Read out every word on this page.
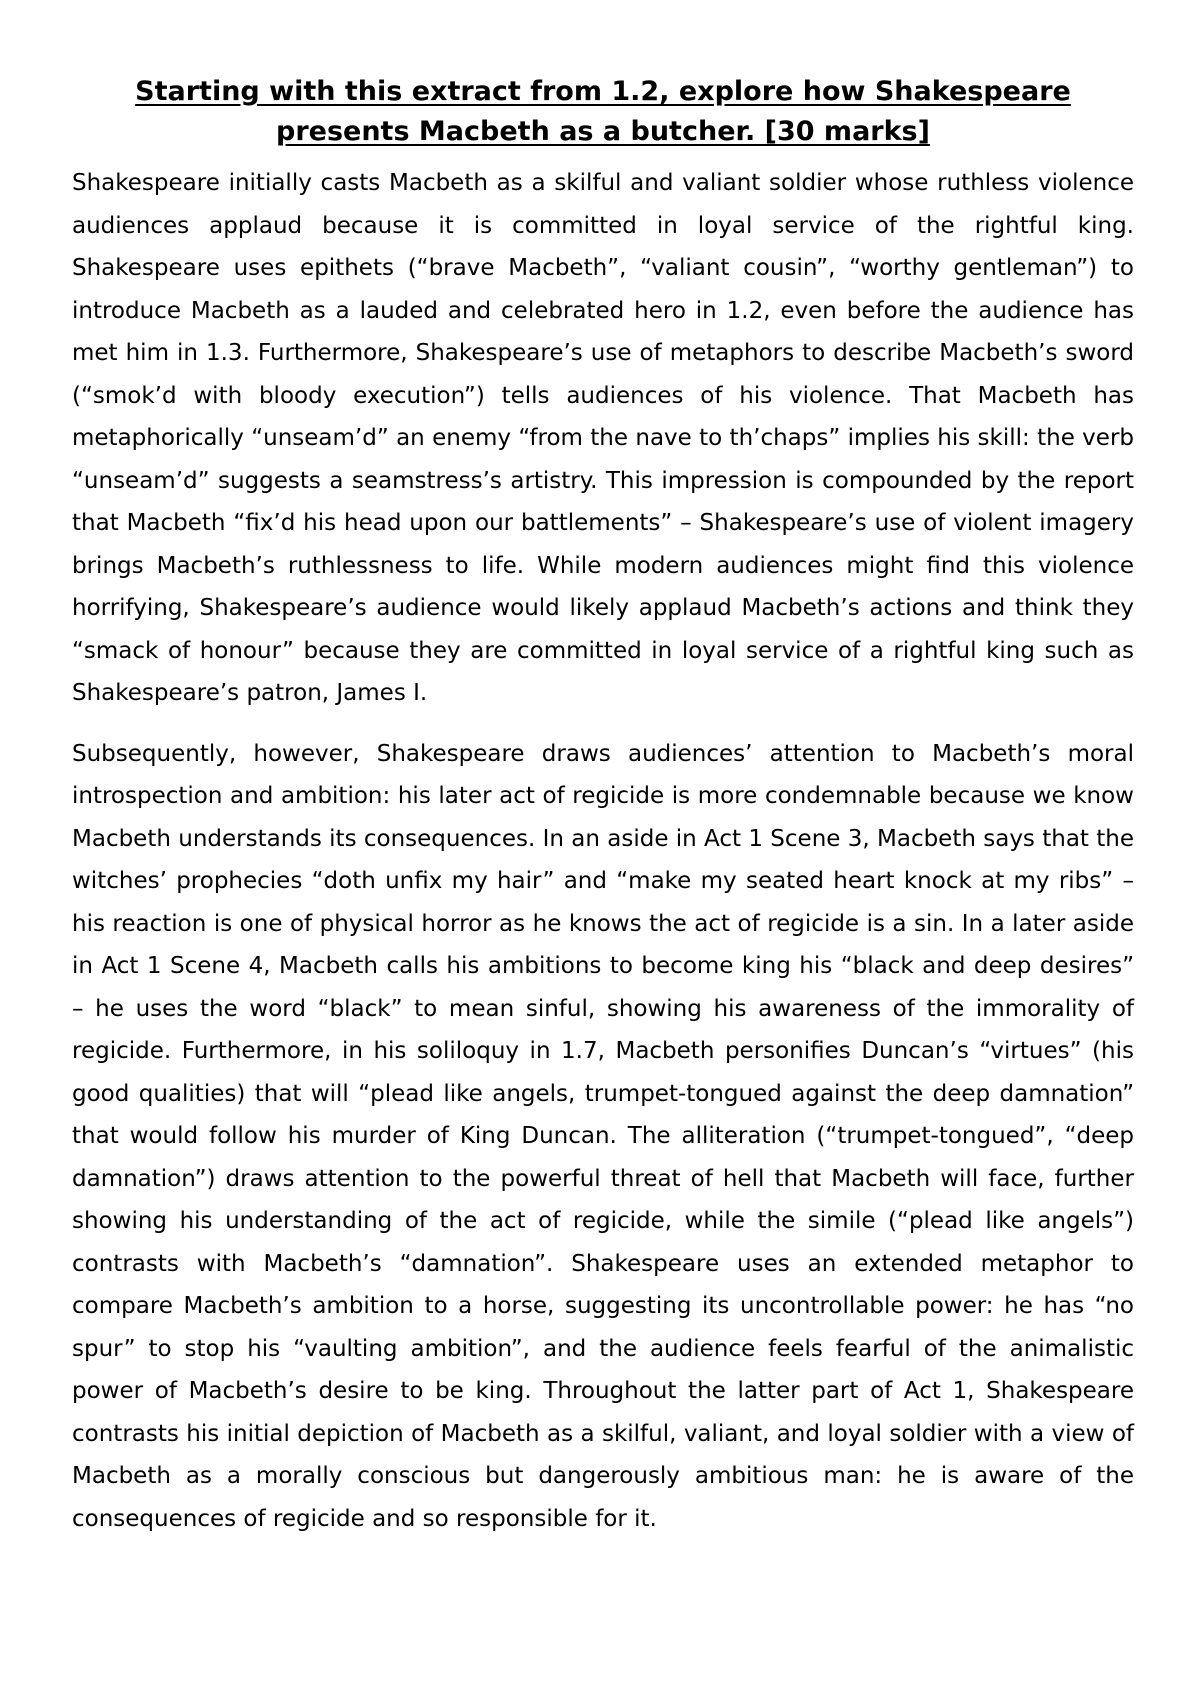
Starting with this extract from 1.2, explore how Shakespeare presents Macbeth as a butcher. [30 marks]

Shakespeare initially casts Macbeth as a skilful and valiant soldier whose ruthless violence audiences applaud because it is committed in loyal service of the rightful king. Shakespeare uses epithets (“brave Macbeth”, “valiant cousin”, “worthy gentleman”) to introduce Macbeth as a lauded and celebrated hero in 1.2, even before the audience has met him in 1.3. Furthermore, Shakespeare’s use of metaphors to describe Macbeth’s sword (“smok’d with bloody execution”) tells audiences of his violence. That Macbeth has metaphorically “unseam’d” an enemy “from the nave to th’chaps” implies his skill: the verb “unseam’d” suggests a seamstress’s artistry. This impression is compounded by the report that Macbeth “fix’d his head upon our battlements” – Shakespeare’s use of violent imagery brings Macbeth’s ruthlessness to life. While modern audiences might find this violence horrifying, Shakespeare’s audience would likely applaud Macbeth’s actions and think they “smack of honour” because they are committed in loyal service of a rightful king such as Shakespeare’s patron, James I.

Subsequently, however, Shakespeare draws audiences’ attention to Macbeth’s moral introspection and ambition: his later act of regicide is more condemnable because we know Macbeth understands its consequences. In an aside in Act 1 Scene 3, Macbeth says that the witches’ prophecies “doth unfix my hair” and “make my seated heart knock at my ribs” – his reaction is one of physical horror as he knows the act of regicide is a sin. In a later aside in Act 1 Scene 4, Macbeth calls his ambitions to become king his “black and deep desires” – he uses the word “black” to mean sinful, showing his awareness of the immorality of regicide. Furthermore, in his soliloquy in 1.7, Macbeth personifies Duncan’s “virtues” (his good qualities) that will “plead like angels, trumpet-tongued against the deep damnation” that would follow his murder of King Duncan. The alliteration (“trumpet-tongued”, “deep damnation”) draws attention to the powerful threat of hell that Macbeth will face, further showing his understanding of the act of regicide, while the simile (“plead like angels”) contrasts with Macbeth’s “damnation”. Shakespeare uses an extended metaphor to compare Macbeth’s ambition to a horse, suggesting its uncontrollable power: he has “no spur” to stop his “vaulting ambition”, and the audience feels fearful of the animalistic power of Macbeth’s desire to be king. Throughout the latter part of Act 1, Shakespeare contrasts his initial depiction of Macbeth as a skilful, valiant, and loyal soldier with a view of Macbeth as a morally conscious but dangerously ambitious man: he is aware of the consequences of regicide and so responsible for it.
